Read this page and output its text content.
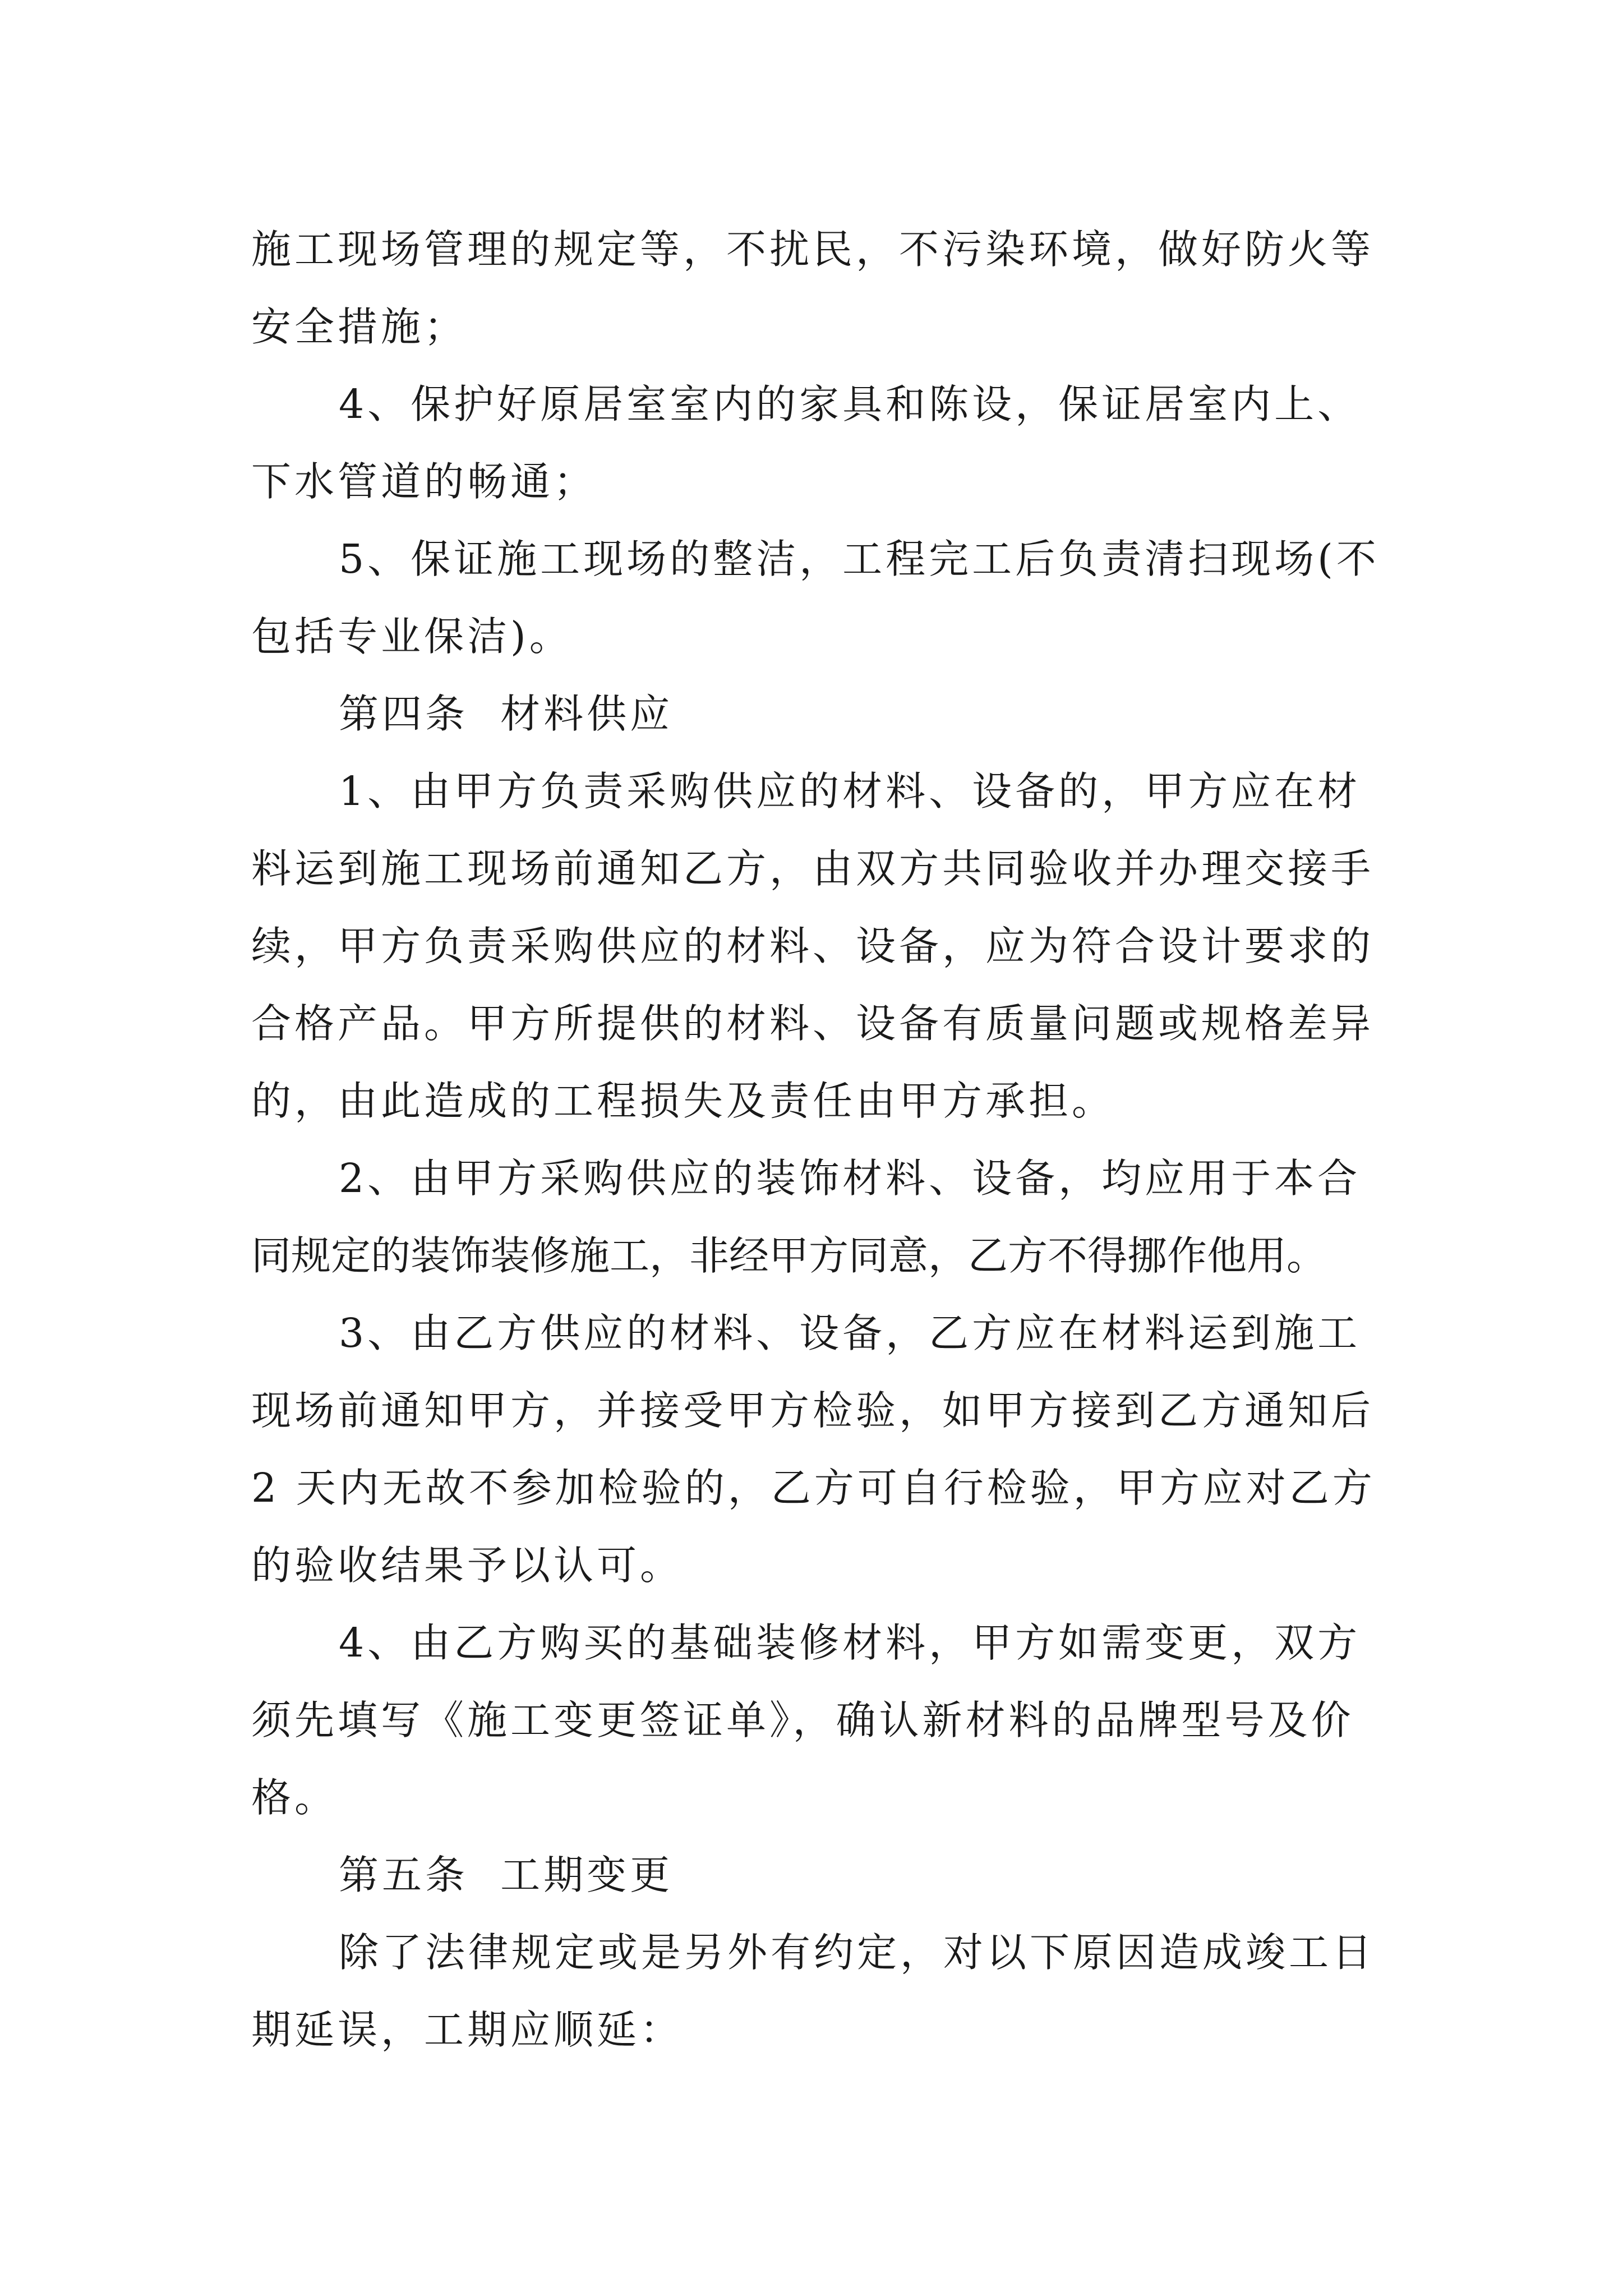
施工现场管理的规定等，不扰民，不污染环境，做好防火等
安全措施；
4、保护好原居室室内的家具和陈设，保证居室内上、
下水管道的畅通；
5、保证施工现场的整洁，工程完工后负责清扫现场(不
包括专业保洁)。
第四条  材料供应
1、由甲方负责采购供应的材料、设备的，甲方应在材
料运到施工现场前通知乙方，由双方共同验收并办理交接手
续，甲方负责采购供应的材料、设备，应为符合设计要求的
合格产品。甲方所提供的材料、设备有质量问题或规格差异
的，由此造成的工程损失及责任由甲方承担。
2、由甲方采购供应的装饰材料、设备，均应用于本合
同规定的装饰装修施工，非经甲方同意，乙方不得挪作他用。
3、由乙方供应的材料、设备，乙方应在材料运到施工
现场前通知甲方，并接受甲方检验，如甲方接到乙方通知后
2 天内无故不参加检验的，乙方可自行检验，甲方应对乙方
的验收结果予以认可。
4、由乙方购买的基础装修材料，甲方如需变更，双方
须先填写《施工变更签证单》，确认新材料的品牌型号及价
格。
第五条  工期变更
除了法律规定或是另外有约定，对以下原因造成竣工日
期延误，工期应顺延：
